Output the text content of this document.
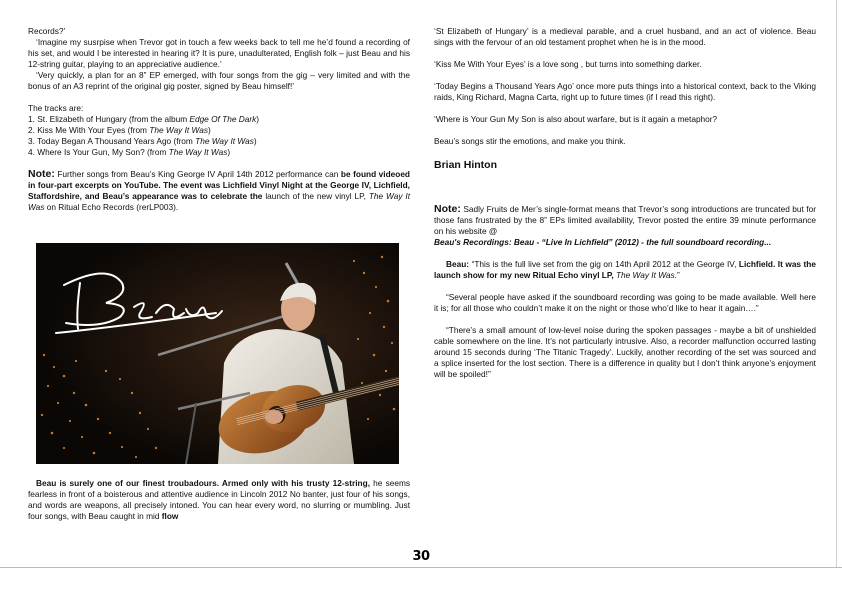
Records?’

‘Imagine my susrpise when Trevor got in touch a few weeks back to tell me he’d found a recording of his set, and would I be interested in hearing it? It is pure, unadulterated, English folk – just Beau and his 12-string guitar, playing to an appreciative audience.’

‘Very quickly, a plan for an 8” EP emerged, with four songs from the gig – very limited and with the bonus of an A3 reprint of the original gig poster, signed by Beau himself!’

The tracks are:

1. St. Elizabeth of Hungary (from the album Edge Of The Dark)
2. Kiss Me With Your Eyes (from The Way It Was)
3. Today Began A Thousand Years Ago (from The Way It Was)
4. Where Is Your Gun, My Son? (from The Way It Was)

Note: Further songs from Beau’s King George IV April 14th 2012 performance can be found videoed in four-part excerpts on YouTube. The event was Lichfield Vinyl Night at the George IV, Lichfield, Staffordshire, and Beau’s appearance was to celebrate the launch of the new vinyl LP, The Way It Was on Ritual Echo Records (rerLP003).

Beau is surely one of our finest troubadours. Armed only with his trusty 12-string, he seems fearless in front of a boisterous and attentive audience in Lincoln 2012 No banter, just four of his songs, and words are weapons, all precisely intoned. You can hear every word, no slurring or mumbling. Just four songs, with Beau caught in mid flow

‘St Elizabeth of Hungary’ is a medieval parable, and a cruel husband, and an act of violence. Beau sings with the fervour of an old testament prophet when he is in the mood.

‘Kiss Me With Your Eyes’ is a love song , but turns into something darker.

‘Today Begins a Thousand Years Ago’ once more puts things into a historical context, back to the Viking raids, King Richard, Magna Carta, right up to future times (if I read this right).

‘Where is Your Gun My Son is also about warfare, but is it again a metaphor?

Beau’s songs stir the emotions, and make you think.

Brian Hinton

Note: Sadly Fruits de Mer’s single-format means that Trevor’s song introductions are truncated but for those fans frustrated by the 8” EPs limited availability, Trevor posted the entire 39 minute performance on his website @
Beau's Recordings: Beau - “Live In Lichfield” (2012) - the full soundboard recording...

Beau: “This is the full live set from the gig on 14th April 2012 at the George IV, Lichfield. It was the launch show for my new Ritual Echo vinyl LP, The Way It Was.”

“Several people have asked if the soundboard recording was going to be made available. Well here it is; for all those who couldn’t make it on the night or those who’d like to hear it again….”

“There’s a small amount of low-level noise during the spoken passages - maybe a bit of unshielded cable somewhere on the line. It’s not particularly intrusive. Also, a recorder malfunction occurred lasting around 15 seconds during ‘The Titanic Tragedy’. Luckily, another recording of the set was sourced and a splice inserted for the lost section. There is a difference in quality but I don’t think anyone’s enjoyment will be spoiled!”

30
